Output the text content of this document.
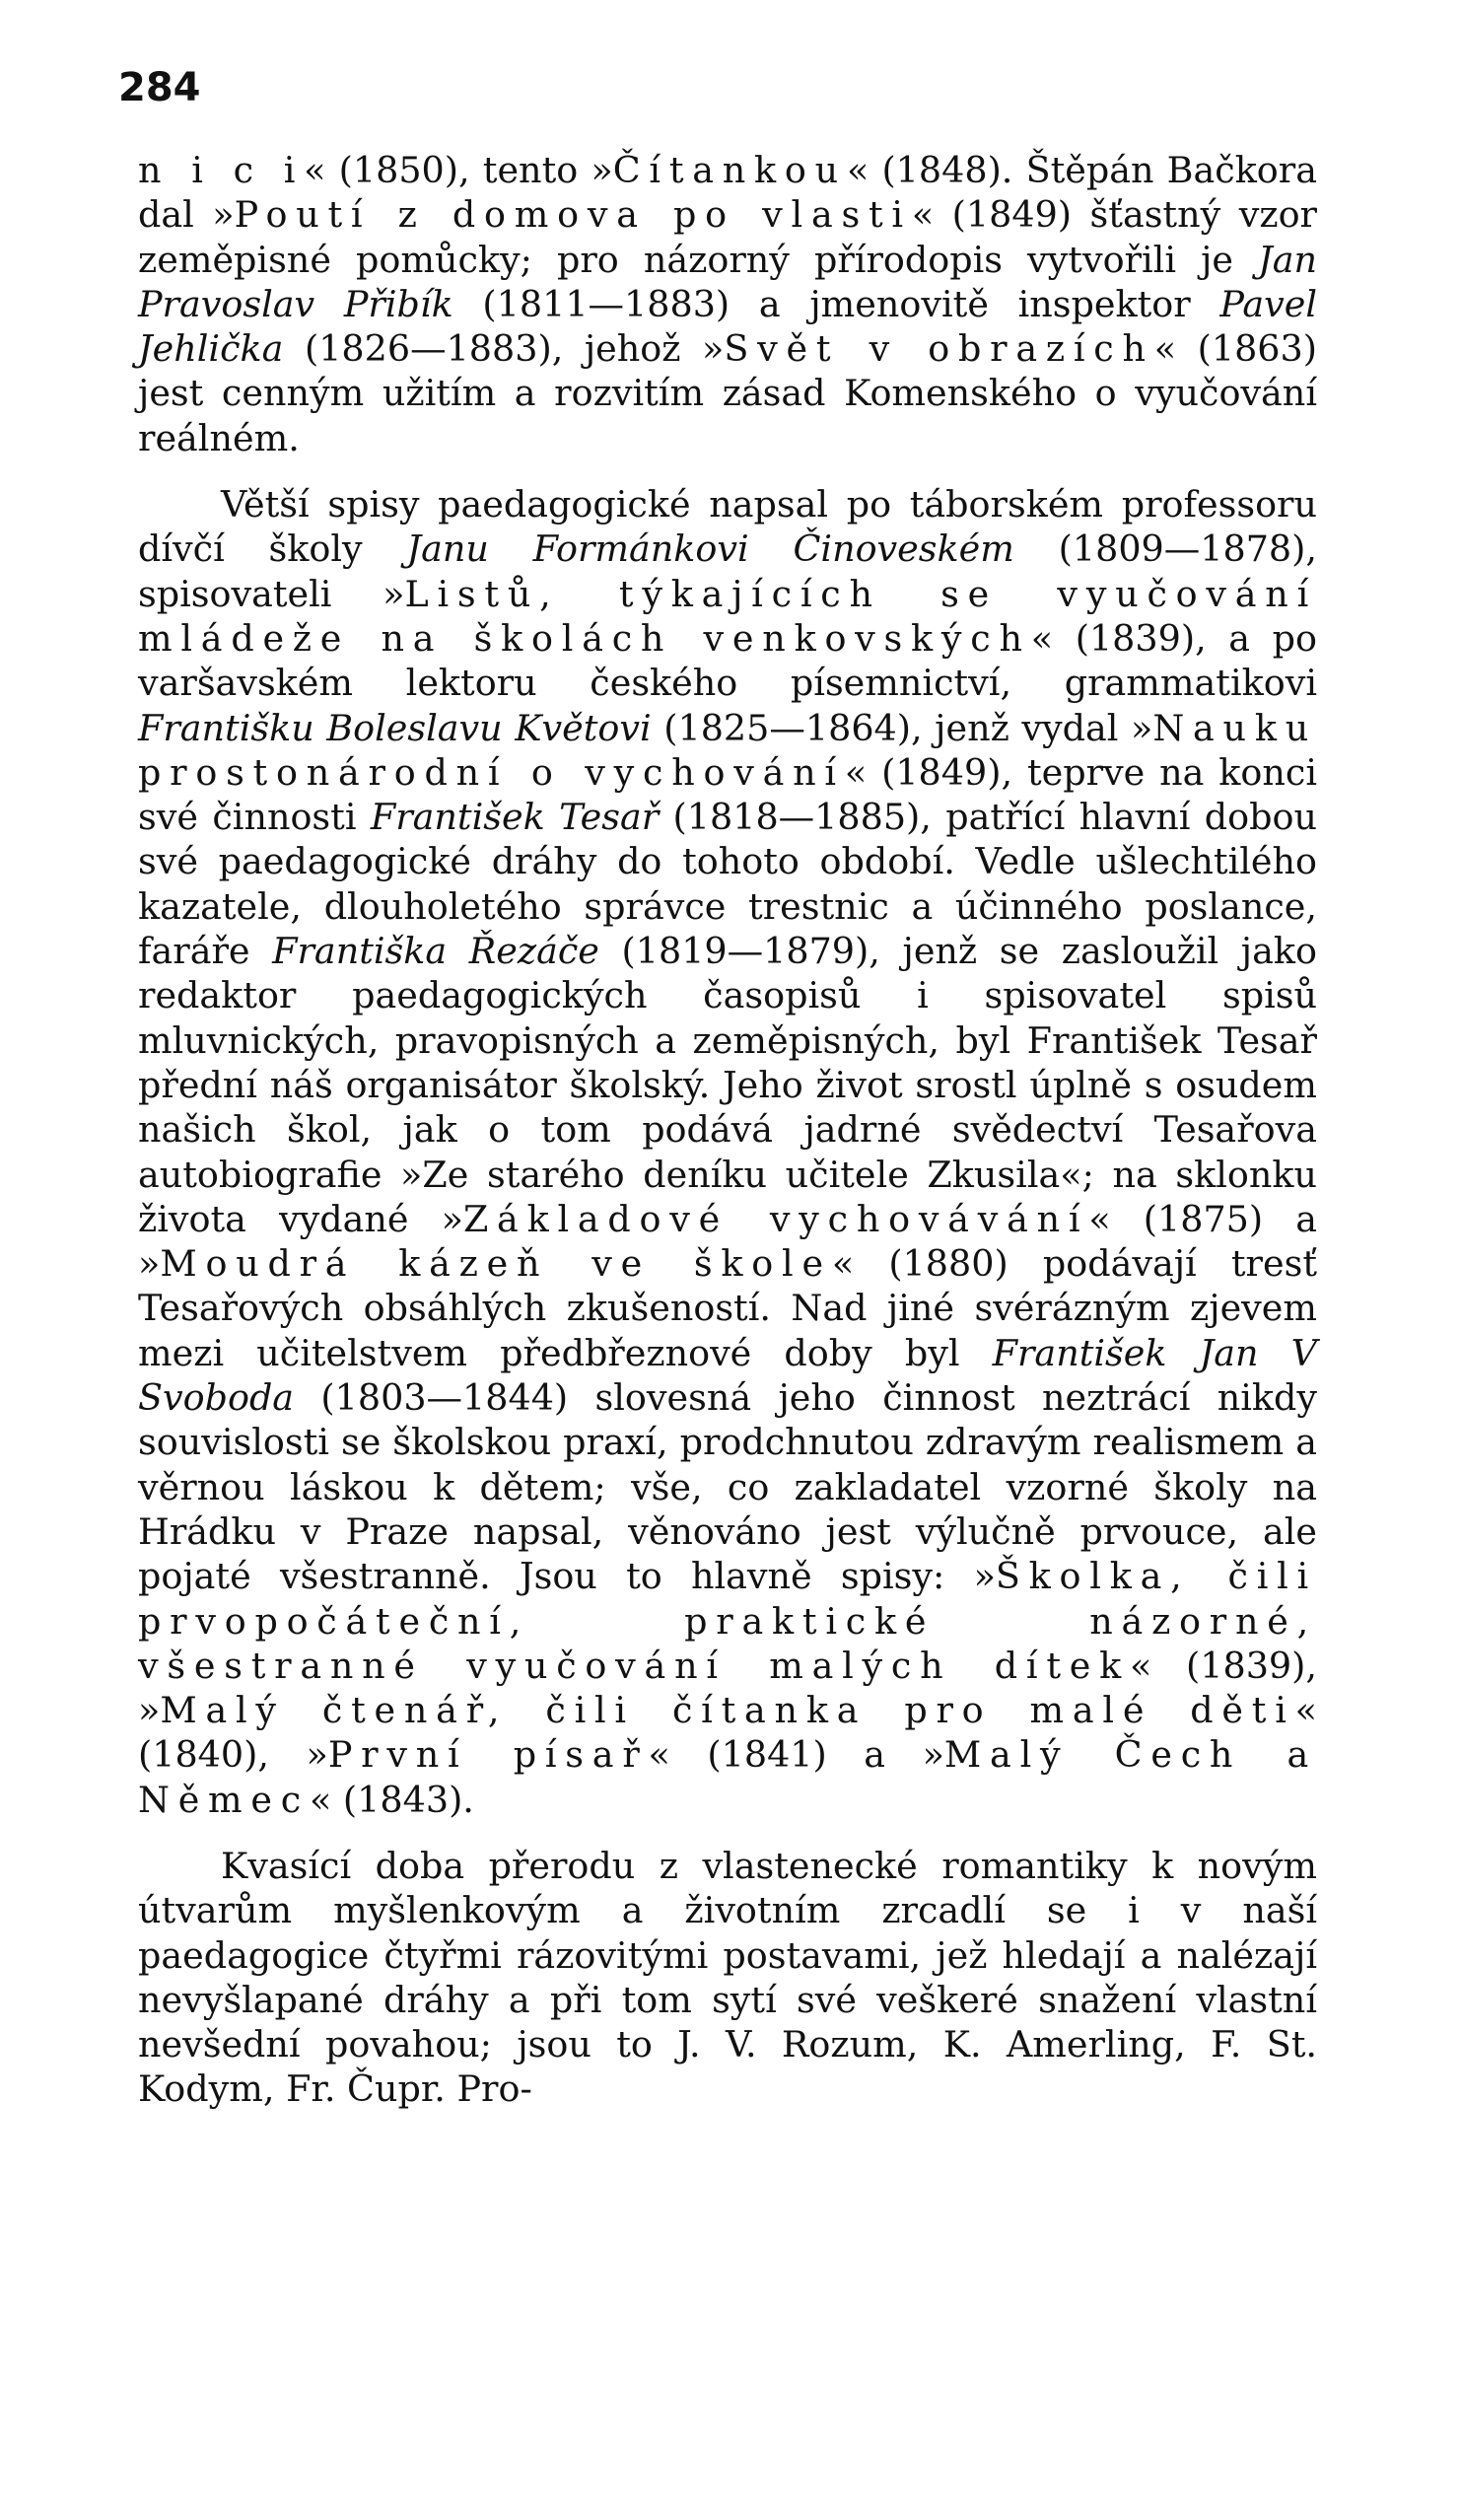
284

n i c i« (1850), tento »Čítankou« (1848). Štěpán Bačkora dal »Poutí z domova po vlasti« (1849) šťastný vzor zeměpisné pomůcky; pro názorný přírodopis vytvořili je Jan Pravoslav Přibík (1811—1883) a jmenovitě inspektor Pavel Jehlička (1826—1883), jehož »Svět v obrazích« (1863) jest cenným užitím a rozvitím zásad Komenského o vyučování reálném.

Větší spisy paedagogické napsal po táborském professoru dívčí školy Janu Formánkovi Činoveském (1809—1878), spisovateli »Listů, týkajících se vyučování mládeže na školách venkovských« (1839), a po varšavském lektoru českého písemnictví, grammatikovi Františku Boleslavu Květovi (1825—1864), jenž vydal »Nauku prostonárodní o vychování« (1849), teprve na konci své činnosti František Tesař (1818—1885), patřící hlavní dobou své paedagogické dráhy do tohoto období. Vedle ušlechtilého kazatele, dlouholetého správce trestnic a účinného poslance, faráře Františka Řezáče (1819—1879), jenž se zasloužil jako redaktor paedagogických časopisů i spisovatel spisů mluvnických, pravopisných a zeměpisných, byl František Tesař přední náš organisátor školský. Jeho život srostl úplně s osudem našich škol, jak o tom podává jadrné svědectví Tesařova autobiografie »Ze starého deníku učitele Zkusila«; na sklonku života vydané »Základové vychovávání« (1875) a »Moudrá kázeň ve škole« (1880) podávají tresť Tesařových obsáhlých zkušeností. Nad jiné svérázným zjevem mezi učitelstvem předbřeznové doby byl František Jan V Svoboda (1803—1844) slovesná jeho činnost neztrácí nikdy souvislosti se školskou praxí, prodchnutou zdravým realismem a věrnou láskou k dětem; vše, co zakladatel vzorné školy na Hrádku v Praze napsal, věnováno jest výlučně prvouce, ale pojaté všestranně. Jsou to hlavně spisy: »Školka, čili prvopočáteční, praktické názorné, všestranné vyučování malých dítek« (1839), »Malý čtenář, čili čítanka pro malé děti« (1840), »První písař« (1841) a »Malý Čech a Němec« (1843).

Kvasící doba přerodu z vlastenecké romantiky k novým útvarům myšlenkovým a životním zrcadlí se i v naší paedagogice čtyřmi rázovitými postavami, jež hledají a nalézají nevyšlapané dráhy a při tom sytí své veškeré snažení vlastní nevšední povahou; jsou to J. V. Rozum, K. Amerling, F. St. Kodym, Fr. Čupr. Pro-
